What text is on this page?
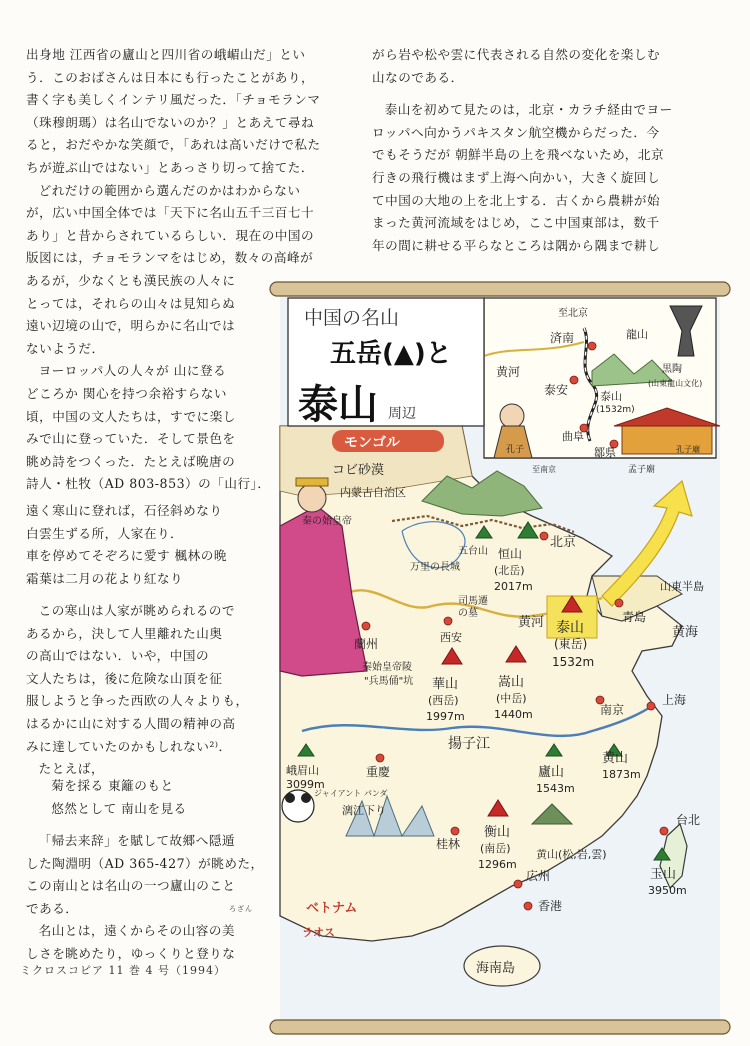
出身地 江西省の廬山と四川省の峨嵋山だ」とい
う．このおばさんは日本にも行ったことがあり，
書く字も美しくインテリ風だった．「チョモランマ
（珠穆朗瑪）は名山でないのか？」とあえて尋ね
ると，おだやかな笑顔で，「あれは高いだけで私た
ちが遊ぶ山ではない」とあっさり切って捨てた．
どれだけの範囲から選んだのかはわからない
が，広い中国全体では「天下に名山五千三百七十
あり」と昔からされているらしい．現在の中国の
版図には，チョモランマをはじめ，数々の高峰が
あるが，少なくとも漢民族の人々に
とっては，それらの山々は見知らぬ
遠い辺境の山で，明らかに名山では
ないようだ．
ヨーロッパ人の人々が 山に登る
どころか 関心を持つ余裕すらない
頃，中国の文人たちは，すでに楽し
みで山に登っていた．そして景色を
眺め詩をつくった．たとえば晩唐の
詩人・杜牧（AD 803-853）の「山行」．
遠く寒山に登れば，石径斜めなり
白雲生ずる所，人家在り．
車を停めてそぞろに愛す 楓林の晩
霜葉は二月の花より紅なり
この寒山は人家が眺められるので
あるから，決して人里離れた山奥
の高山ではない．いや，中国の
文人たちは，後に危険な山頂を征
服しようと争った西欧の人々よりも，
はるかに山に対する人間の精神の高
みに達していたのかもしれない²⁾．
たとえば，
菊を採る 東籬のもと
悠然として 南山を見る
「帰去来辞」を賦して故郷へ隠遁
した陶淵明（AD 365-427）が眺めた，
この南山とは名山の一つ廬山のこと
である．
名山とは，遠くからその山容の美
しさを眺めたり，ゆっくりと登りな
ろざん
ミクロスコピア 11 巻 4 号（1994）
がら岩や松や雲に代表される自然の変化を楽しむ
山なのである．
泰山を初めて見たのは，北京・カラチ経由でヨー
ロッパへ向かうパキスタン航空機からだった．今
でもそうだが 朝鮮半島の上を飛べないため，北京
行きの飛行機はまず上海へ向かい，大きく旋回し
て中国の大地の上を北上する．古くから農耕が始
まった黄河流域をはじめ，ここ中国東部は，数千
年の間に耕せる平らなところは隅から隅まで耕し
中国の名山
五岳(▲)と
泰山 周辺
モンゴル
コビ砂漠
内蒙古自治区
秦の始皇帝
万里の長城
北京
恒山
(北岳)
2017m
五台山
司馬遷
の墓
黄河
蘭州	西安
秦始皇帝陵
"兵馬俑"坑 華山
(西岳)
1997m
嵩山
(中岳)
1440m
泰山
(東岳)
1532m
山東半島
青島
黄海
南京
上海
揚子江
峨眉山
3099m
重慶	廬山
1543m
黄山
1873m
ジャイアント パンダ
漓江下り
桂林
衡山
(南岳)
1296m
黄山(松,岩,雲)
広州
香港
台北
玉山
3950m
ベトナム
ラオス
海南島
至北京
済南	龍山
黄河
泰安	泰山
(1532m)
黒陶
(山東龍山文化)
曲阜
鄒県
孔子
至南京	孟子廟
孔子廟
